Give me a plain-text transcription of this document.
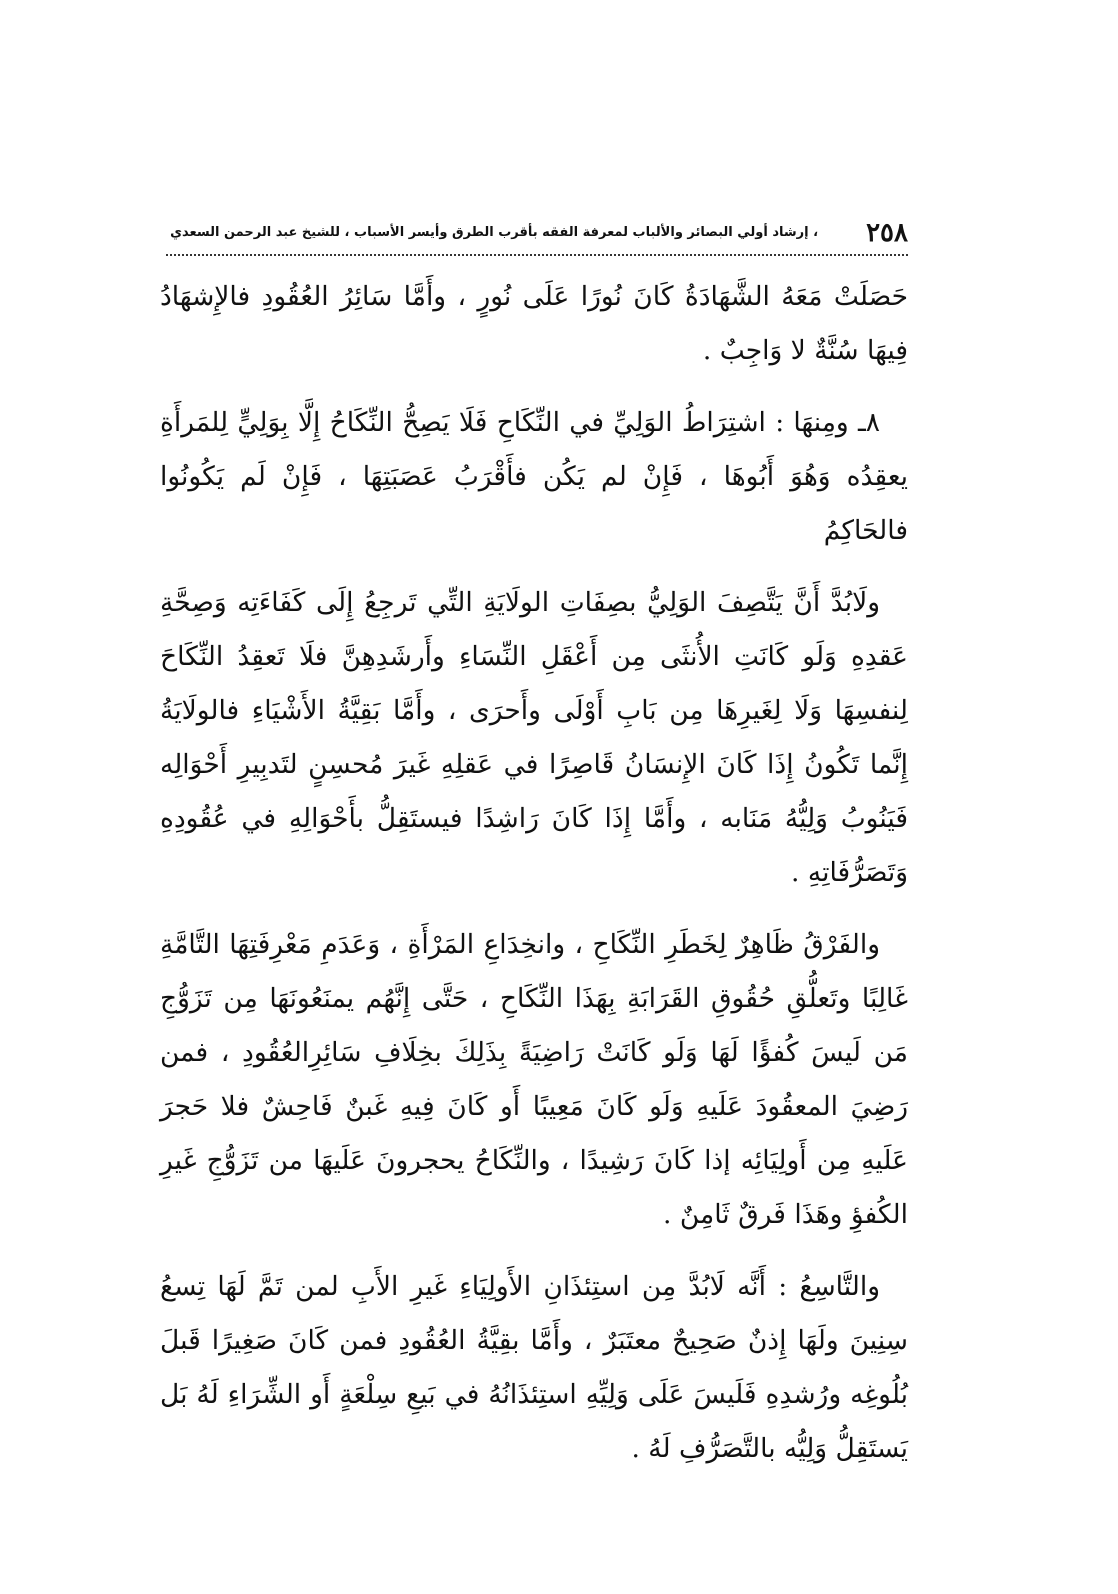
٢٥٨
، إرشاد أولي البصائر والألباب لمعرفة الفقه بأقرب الطرق وأيسر الأسباب ، للشيخ عبد الرحمن السعدي

حَصَلَتْ مَعَهُ الشَّهَادَةُ كَانَ نُورًا عَلَى نُورٍ ، وأَمَّا سَائِرُ العُقُودِ فالإِشهَادُ فِيهَا سُنَّةٌ لا وَاجِبٌ .

٨ـ ومِنهَا : اشتِرَاطُ الوَلِيِّ في النِّكَاحِ فَلَا يَصِحُّ النِّكَاحُ إِلَّا بِوَلِيٍّ لِلمَرأَةِ يعقِدُه وَهُوَ أَبُوهَا ، فَإِنْ لم يَكُن فأَقْرَبُ عَصَبَتِهَا ، فَإِنْ لَم يَكُونُوا فالحَاكِمُ

ولَابُدَّ أَنَّ يَتَّصِفَ الوَلِيُّ بصِفَاتِ الولَايَةِ التِّي تَرجِعُ إِلَى كَفَاءَتِه وَصِحَّةِ عَقدِهِ وَلَو كَانَتِ الأُنثَى مِن أَعْقَلِ النِّسَاءِ وأَرشَدِهِنَّ فلَا تَعقِدُ النِّكَاحَ لِنفسِهَا وَلَا لِغَيرِهَا مِن بَابِ أَوْلَى وأَحرَى ، وأَمَّا بَقِيَّةُ الأَشْيَاءِ فالولَايَةُ إِنَّما تَكُونُ إِذَا كَانَ الإِنسَانُ قَاصِرًا في عَقلِهِ غَيرَ مُحسِنٍ لتَدبِيرِ أَحْوَالِه فَيَنُوبُ وَلِيُّهُ مَنَابه ، وأَمَّا إِذَا كَانَ رَاشِدًا فيستَقِلُّ بأَحْوَالِهِ في عُقُودِهِ وَتَصَرُّفَاتِهِ .

والفَرْقُ ظَاهِرٌ لِخَطَرِ النِّكَاحِ ، وانخِدَاعِ المَرْأَةِ ، وَعَدَمِ مَعْرِفَتِهَا التَّامَّةِ غَالِبًا وتَعلُّقِ حُقُوقِ القَرَابَةِ بِهَذَا النِّكَاحِ ، حَتَّى إِنَّهُم يمنَعُونَهَا مِن تَزَوُّجِ مَن لَيسَ كُفؤًا لَهَا وَلَو كَانَتْ رَاضِيَةً بِذَلِكَ بخِلَافِ سَائِرِالعُقُودِ ، فمن رَضِيَ المعقُودَ عَلَيهِ وَلَو كَانَ مَعِيبًا أَو كَانَ فِيهِ غَبنٌ فَاحِشٌ فلا حَجرَ عَلَيهِ مِن أَولِيَائِه إذا كَانَ رَشِيدًا ، والنِّكَاحُ يحجرونَ عَلَيهَا من تَزَوُّجِ غَيرِ الكُفؤِ وهَذَا فَرقٌ ثَامِنٌ .

والتَّاسِعُ : أَنَّه لَابُدَّ مِن استِئذَانِ الأَولِيَاءِ غَيرِ الأَبِ لمن تَمَّ لَهَا تِسعُ سِنِينَ ولَهَا إِذنٌ صَحِيحٌ معتَبَرٌ ، وأَمَّا بقِيَّةُ العُقُودِ فمن كَانَ صَغِيرًا قَبلَ بُلُوغِه ورُشدِهِ فَلَيسَ عَلَى وَلِيِّهِ استِئذَانُهُ في بَيعِ سِلْعَةٍ أَو الشِّرَاءِ لَهُ بَل يَستَقِلُّ وَلِيُّه بالتَّصَرُّفِ لَهُ .
